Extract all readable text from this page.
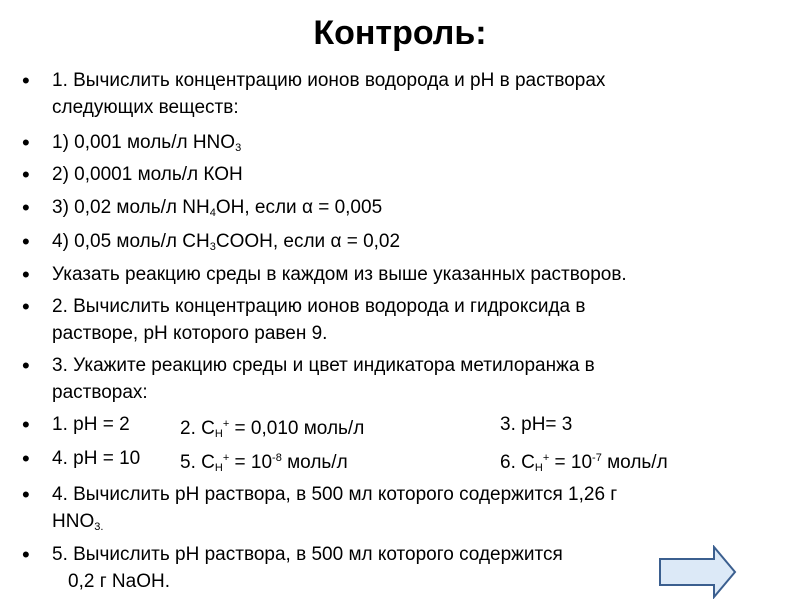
Контроль:
•
•
•
•
•
•
•
•
•
•
•
•
1. Вычислить концентрацию ионов водорода и рН в растворах
следующих веществ:
1) 0,001 моль/л $HNO_3$
2) 0,0001 моль/л КОН
3) 0,02 моль/л $NH_4OH$, если α = 0,005
4) 0,05 моль/л $CH_3COOH$, если α = 0,02
Указать реакцию среды в каждом из выше указанных растворов.
2. Вычислить концентрацию ионов водорода и гидроксида в
растворе, рН которого равен 9.
3. Укажите реакцию среды и цвет индикатора метилоранжа в
растворах:
1. рН = 2	2. $С_Н^+ = 0,010$ моль/л	3. рН= 3
4. рН = 10 5. $С_Н^+ = 10^{-8}$ моль/л	6. $С_Н^+ = 10^{-7}$ моль/л
4. Вычислить рН раствора, в 500 мл которого содержится 1,26 г
$HNO_{3.}$
5. Вычислить рН раствора, в 500 мл которого содержится
0,2 г NaOH.
